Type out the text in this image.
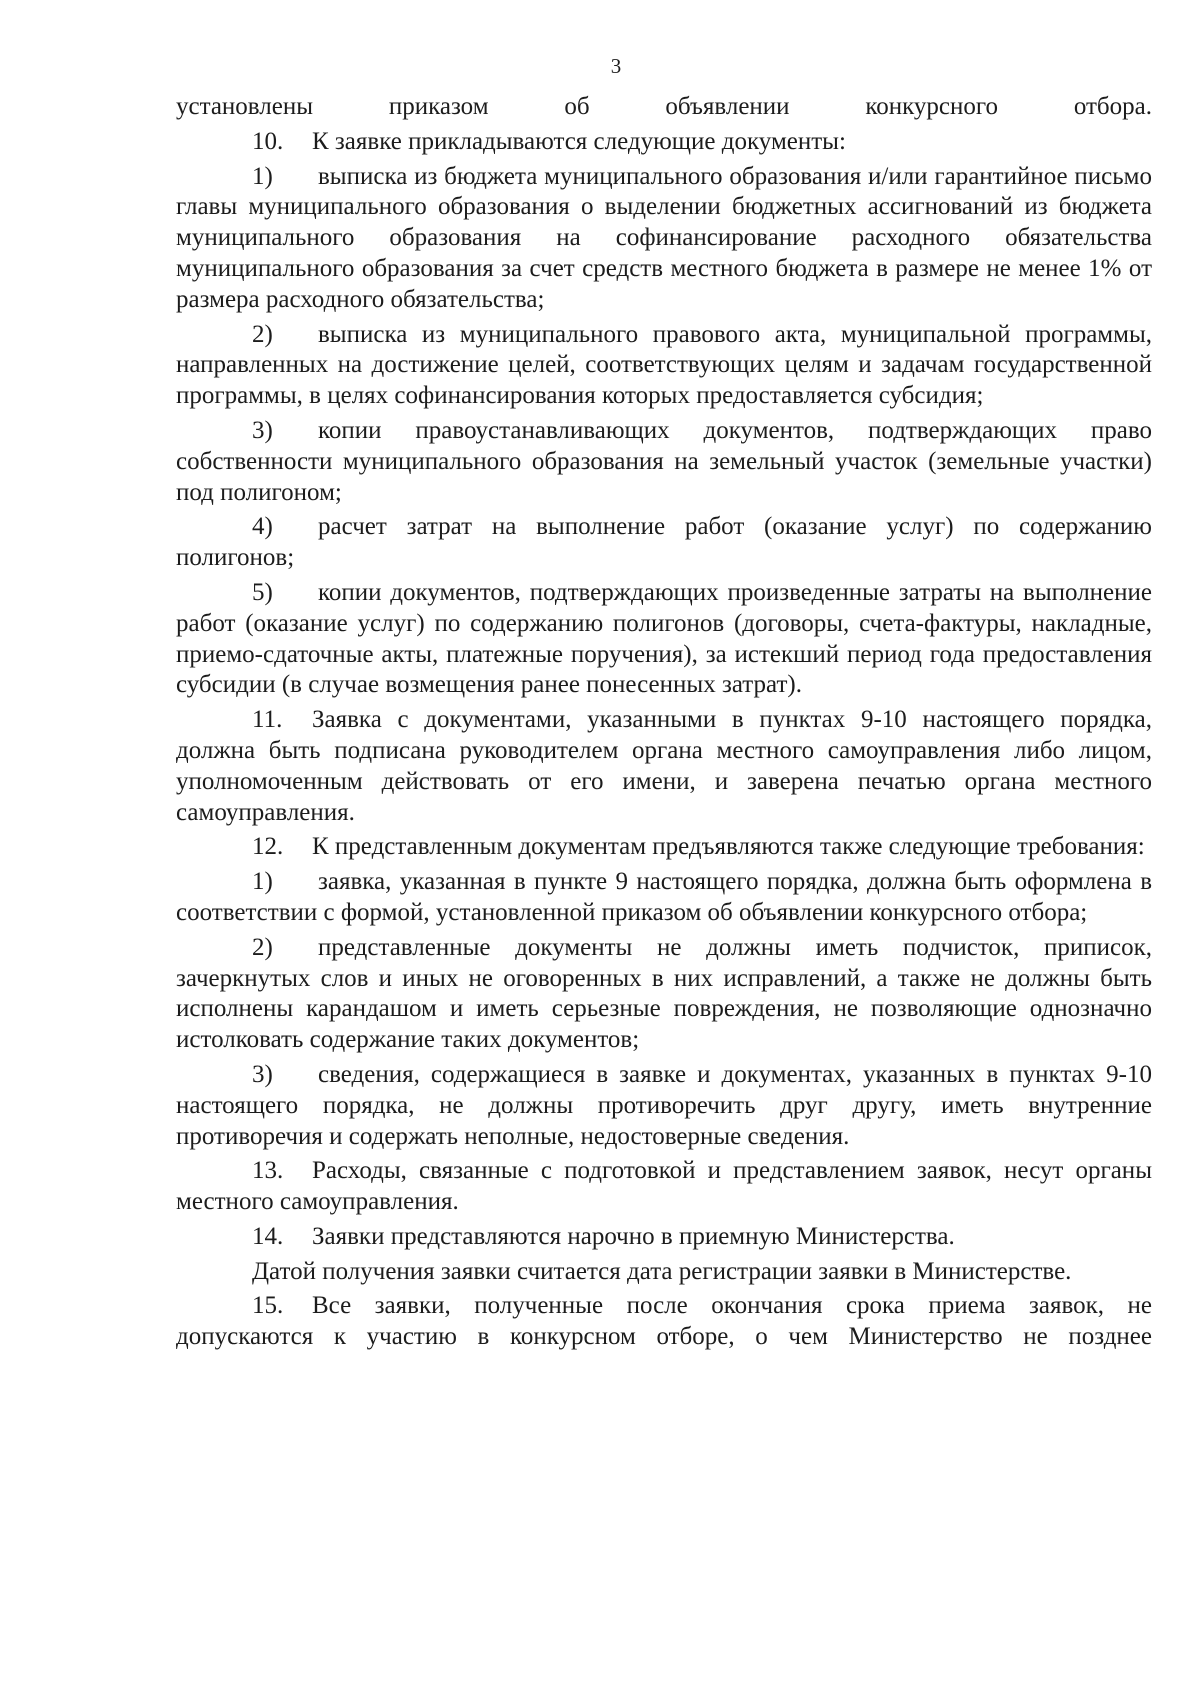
3

установлены приказом об объявлении конкурсного отбора.

10. К заявке прикладываются следующие документы:

1) выписка из бюджета муниципального образования и/или гарантийное письмо главы муниципального образования о выделении бюджетных ассигнований из бюджета муниципального образования на софинансирование расходного обязательства муниципального образования за счет средств местного бюджета в размере не менее 1% от размера расходного обязательства;

2) выписка из муниципального правового акта, муниципальной программы, направленных на достижение целей, соответствующих целям и задачам государственной программы, в целях софинансирования которых предоставляется субсидия;

3) копии правоустанавливающих документов, подтверждающих право собственности муниципального образования на земельный участок (земельные участки) под полигоном;

4) расчет затрат на выполнение работ (оказание услуг) по содержанию полигонов;

5) копии документов, подтверждающих произведенные затраты на выполнение работ (оказание услуг) по содержанию полигонов (договоры, счета-фактуры, накладные, приемо-сдаточные акты, платежные поручения), за истекший период года предоставления субсидии (в случае возмещения ранее понесенных затрат).

11. Заявка с документами, указанными в пунктах 9-10 настоящего порядка, должна быть подписана руководителем органа местного самоуправления либо лицом, уполномоченным действовать от его имени, и заверена печатью органа местного самоуправления.

12. К представленным документам предъявляются также следующие требования:

1) заявка, указанная в пункте 9 настоящего порядка, должна быть оформлена в соответствии с формой, установленной приказом об объявлении конкурсного отбора;

2) представленные документы не должны иметь подчисток, приписок, зачеркнутых слов и иных не оговоренных в них исправлений, а также не должны быть исполнены карандашом и иметь серьезные повреждения, не позволяющие однозначно истолковать содержание таких документов;

3) сведения, содержащиеся в заявке и документах, указанных в пунктах 9-10 настоящего порядка, не должны противоречить друг другу, иметь внутренние противоречия и содержать неполные, недостоверные сведения.

13. Расходы, связанные с подготовкой и представлением заявок, несут органы местного самоуправления.

14. Заявки представляются нарочно в приемную Министерства.

Датой получения заявки считается дата регистрации заявки в Министерстве.

15. Все заявки, полученные после окончания срока приема заявок, не допускаются к участию в конкурсном отборе, о чем Министерство не позднее
